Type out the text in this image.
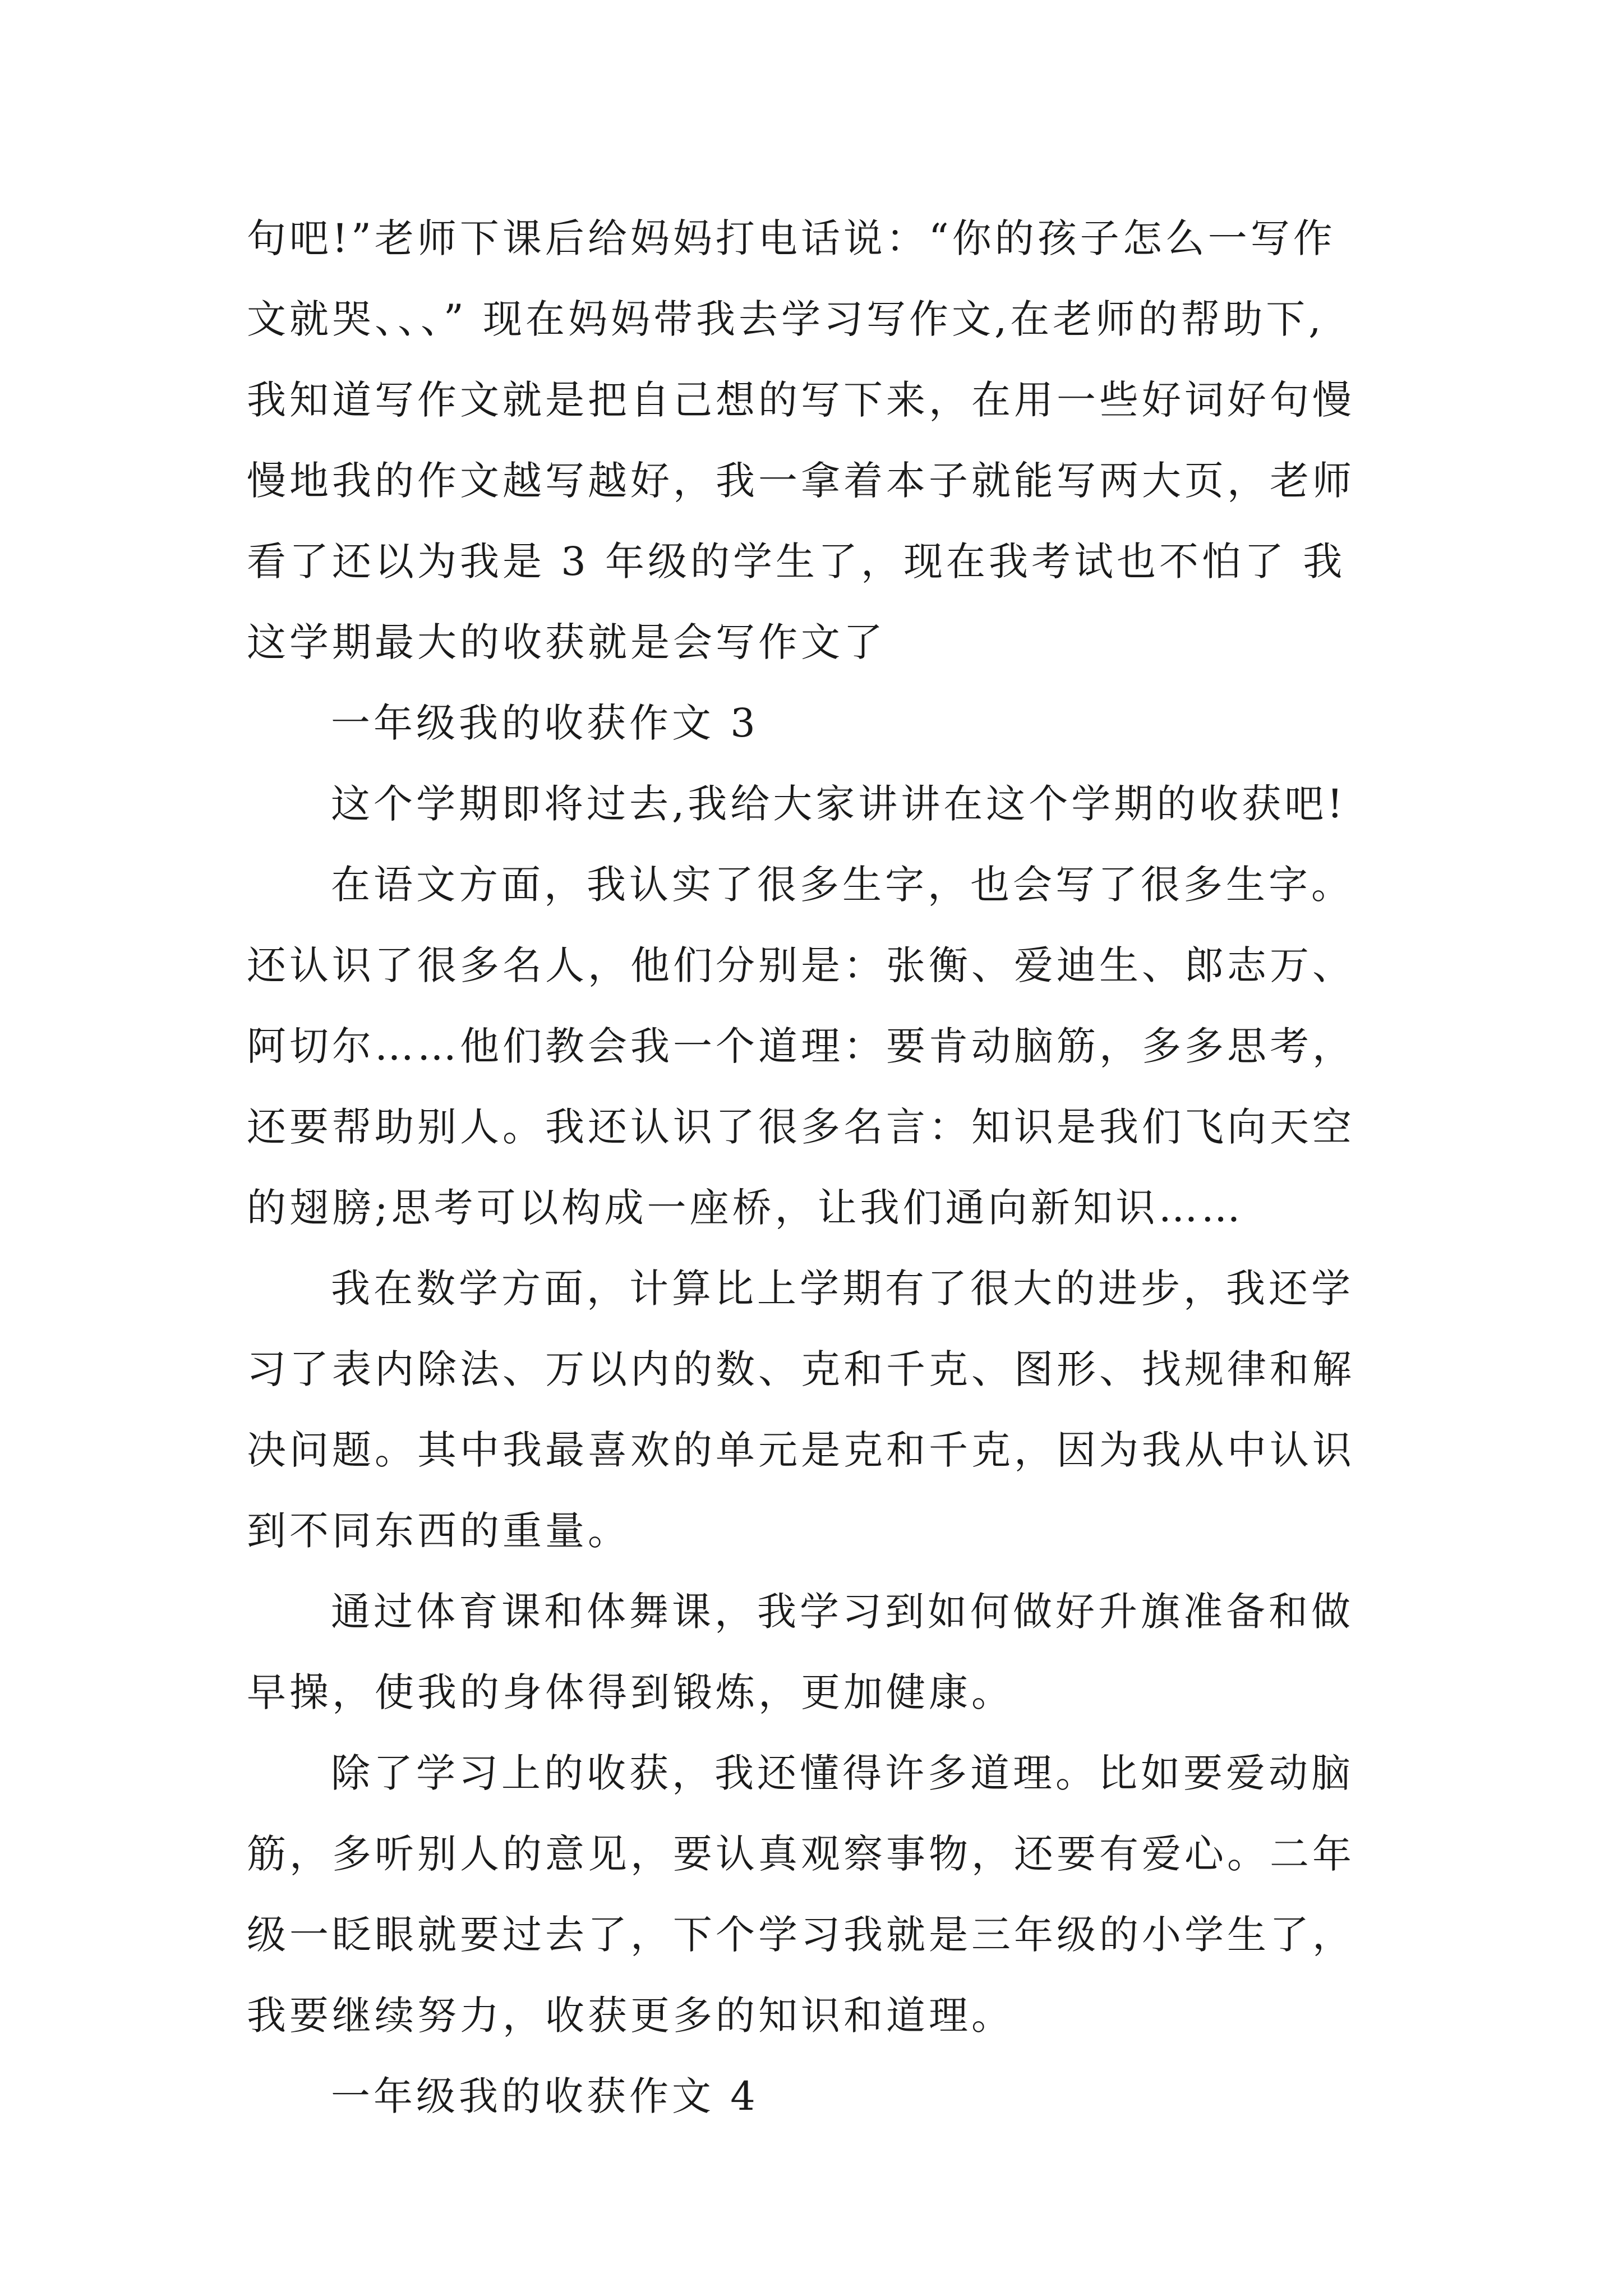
句吧!”老师下课后给妈妈打电话说：“你的孩子怎么一写作
文就哭、、、” 现在妈妈带我去学习写作文,在老师的帮助下,
我知道写作文就是把自己想的写下来，在用一些好词好句慢
慢地我的作文越写越好，我一拿着本子就能写两大页，老师
看了还以为我是 3 年级的学生了，现在我考试也不怕了 我
这学期最大的收获就是会写作文了
一年级我的收获作文 3
这个学期即将过去,我给大家讲讲在这个学期的收获吧!
在语文方面，我认实了很多生字，也会写了很多生字。
还认识了很多名人，他们分别是：张衡、爱迪生、郎志万、
阿切尔……他们教会我一个道理：要肯动脑筋，多多思考，
还要帮助别人。我还认识了很多名言：知识是我们飞向天空
的翅膀;思考可以构成一座桥，让我们通向新知识……
我在数学方面，计算比上学期有了很大的进步，我还学
习了表内除法、万以内的数、克和千克、图形、找规律和解
决问题。其中我最喜欢的单元是克和千克，因为我从中认识
到不同东西的重量。
通过体育课和体舞课，我学习到如何做好升旗准备和做
早操，使我的身体得到锻炼，更加健康。
除了学习上的收获，我还懂得许多道理。比如要爱动脑
筋，多听别人的意见，要认真观察事物，还要有爱心。二年
级一眨眼就要过去了，下个学习我就是三年级的小学生了，
我要继续努力，收获更多的知识和道理。
一年级我的收获作文 4
